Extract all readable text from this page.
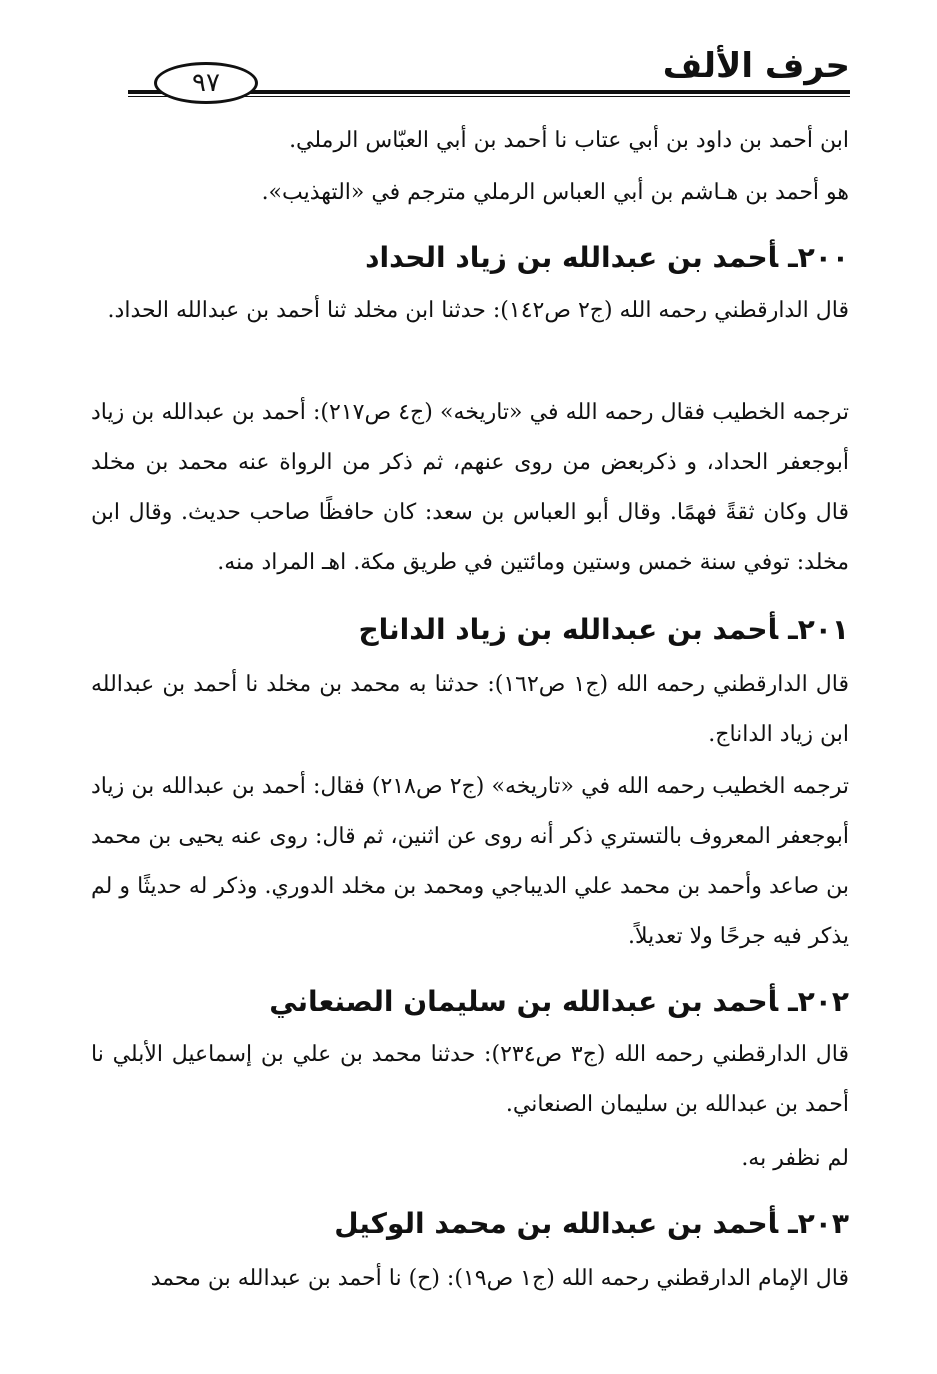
حرف الألف
٩٧
ابن أحمد بن داود بن أبي عتاب نا أحمد بن أبي العبّاس الرملي.
هو أحمد بن هـاشم بن أبي العباس الرملي مترجم في «التهذيب».
٢٠٠ـأحمد بن عبدالله بن زياد الحداد
قال الدارقطني رحمه الله (ج٢ ص١٤٢): حدثنا ابن مخلد ثنا أحمد بن عبدالله الحداد.
ترجمه الخطيب فقال رحمه الله في «تاريخه» (ج٤ ص٢١٧): أحمد بن عبدالله بن زياد أبوجعفر الحداد، و ذكربعض من روى عنهم، ثم ذكر من الرواة عنه محمد بن مخلد قال وكان ثقةً فهمًا. وقال أبو العباس بن سعد: كان حافظًا صاحب حديث. وقال ابن مخلد: توفي سنة خمس وستين ومائتين في طريق مكة. اهـ المراد منه.
٢٠١ـأحمد بن عبدالله بن زياد الداناج
قال الدارقطني رحمه الله (ج١ ص١٦٢): حدثنا به محمد بن مخلد نا أحمد بن عبدالله ابن زياد الداناج.
ترجمه الخطيب رحمه الله في «تاريخه» (ج٢ ص٢١٨) فقال: أحمد بن عبدالله بن زياد أبوجعفر المعروف بالتستري ذكر أنه روى عن اثنين، ثم قال: روى عنه يحيى بن محمد بن صاعد وأحمد بن محمد علي الديباجي ومحمد بن مخلد الدوري. وذكر له حديثًا و لم يذكر فيه جرحًا ولا تعديلاً.
٢٠٢ـأحمد بن عبدالله بن سليمان الصنعاني
قال الدارقطني رحمه الله (ج٣ ص٢٣٤): حدثنا محمد بن علي بن إسماعيل الأبلي نا أحمد بن عبدالله بن سليمان الصنعاني.
لم نظفر به.
٢٠٣ـأحمد بن عبدالله بن محمد الوكيل
قال الإمام الدارقطني رحمه الله (ج١ ص١٩): (ح) نا أحمد بن عبدالله بن محمد
